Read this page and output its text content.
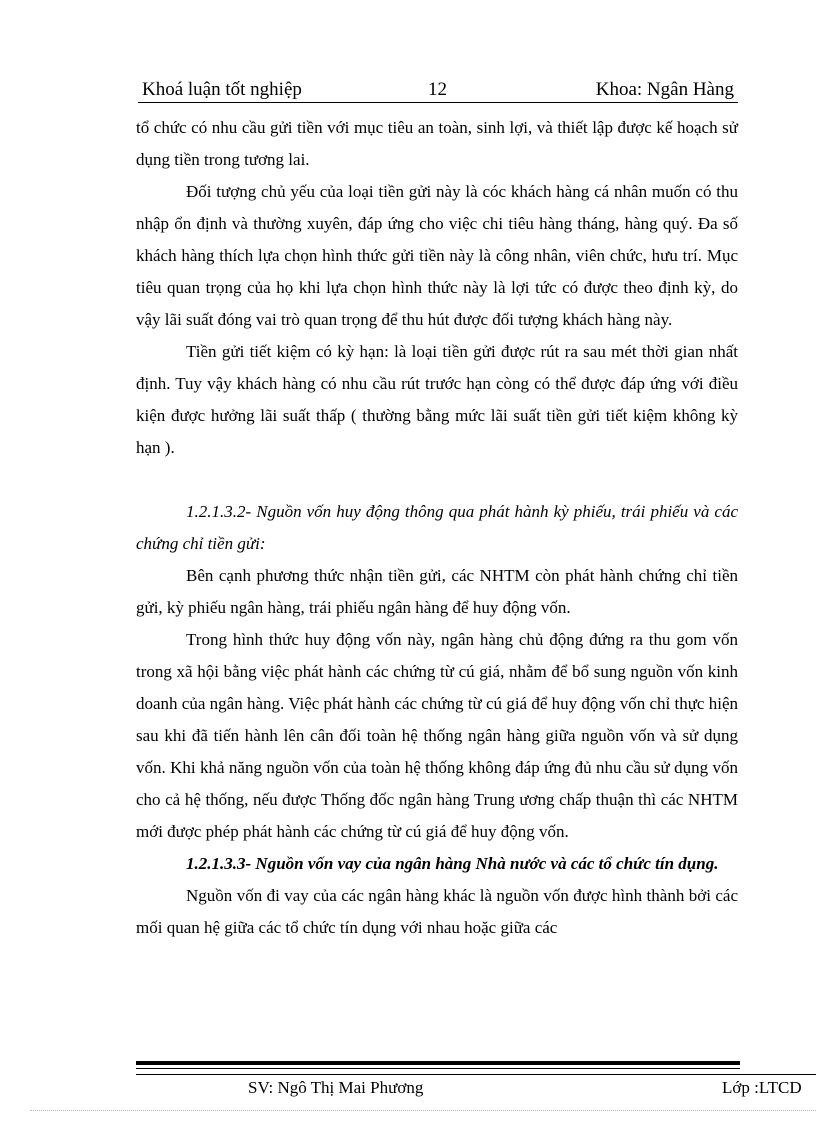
Khoá luận tốt nghiệp	12	Khoa: Ngân Hàng

tổ chức có nhu cầu gửi tiền với mục tiêu an toàn, sinh lợi, và thiết lập được kế hoạch sử dụng tiền trong tương lai.

Đối tượng chủ yếu của loại tiền gửi này là cóc khách hàng cá nhân muốn có thu nhập ổn định và thường xuyên, đáp ứng cho việc chi tiêu hàng tháng, hàng quý. Đa số khách hàng thích lựa chọn hình thức gửi tiền này là công nhân, viên chức, hưu trí. Mục tiêu quan trọng của họ khi lựa chọn hình thức này là lợi tức có được theo định kỳ, do vậy lãi suất đóng vai trò quan trọng để thu hút được đối tượng khách hàng này.

Tiền gửi tiết kiệm có kỳ hạn: là loại tiền gửi được rút ra sau mét thời gian nhất định. Tuy vậy khách hàng có nhu cầu rút trước hạn còng có thể được đáp ứng với điều kiện được hưởng lãi suất thấp ( thường bằng mức lãi suất tiền gửi tiết kiệm không kỳ hạn ).

1.2.1.3.2- Nguồn vốn huy động thông qua phát hành kỳ phiếu, trái phiếu và các chứng chỉ tiền gửi:

Bên cạnh phương thức nhận tiền gửi, các NHTM còn phát hành chứng chỉ tiền gửi, kỳ phiếu ngân hàng, trái phiếu ngân hàng để huy động vốn.

Trong hình thức huy động vốn này, ngân hàng chủ động đứng ra thu gom vốn trong xã hội bằng việc phát hành các chứng từ cú giá, nhằm để bổ sung nguồn vốn kinh doanh của ngân hàng. Việc phát hành các chứng từ cú giá để huy động vốn chỉ thực hiện sau khi đã tiến hành lên cân đối toàn hệ thống ngân hàng giữa nguồn vốn và sử dụng vốn. Khi khả năng nguồn vốn của toàn hệ thống không đáp ứng đủ nhu cầu sử dụng vốn cho cả hệ thống, nếu được Thống đốc ngân hàng Trung ương chấp thuận thì các NHTM mới được phép phát hành các chứng từ cú giá để huy động vốn.

1.2.1.3.3- Nguồn vốn vay của ngân hàng Nhà nước và các tổ chức tín dụng.

Nguồn vốn đi vay của các ngân hàng khác là nguồn vốn được hình thành bởi các mối quan hệ giữa các tổ chức tín dụng với nhau hoặc giữa các

SV: Ngô Thị Mai Phương	Lớp :LTCD
